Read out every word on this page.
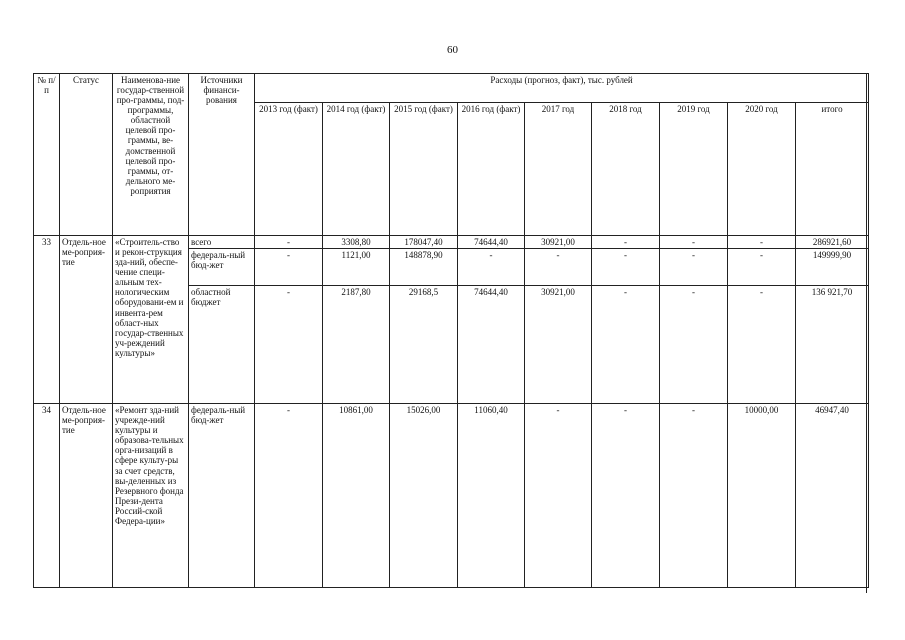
60
№ п/п	Статус	Наименова-ние государ-ственной про-граммы, под-программы, областной целевой про-граммы, ве-домственной целевой про-граммы, от-дельного ме-роприятия	Источники финанси-рования	Расходы (прогноз, факт), тыс. рублей								
				2013 год (факт)	2014 год (факт)	2015 год (факт)	2016 год (факт)	2017 год	2018 год	2019 год	2020 год	итого
33	Отдель-ное ме-роприя-тие	«Строитель-ство и рекон-струкция зда-ний, обеспе-чение специ-альным тех-нологическим оборудовани-ем и инвента-рем област-ных государ-ственных уч-реждений культуры»	всего	-	3308,80	178047,40	74644,40	30921,00	-	-	-	286921,60
			федераль-ный бюд-жет	-	1121,00	148878,90	-	-	-	-	-	149999,90
			областной бюджет	-	2187,80	29168,5	74644,40	30921,00	-	-	-	136 921,70
34	Отдель-ное ме-роприя-тие	«Ремонт зда-ний учрежде-ний культуры и образова-тельных орга-низаций в сфере культу-ры за счет средств, вы-деленных из Резервного фонда Прези-дента Россий-ской Федера-ции»	федераль-ный бюд-жет	-	10861,00	15026,00	11060,40	-	-	-	10000,00	46947,40
